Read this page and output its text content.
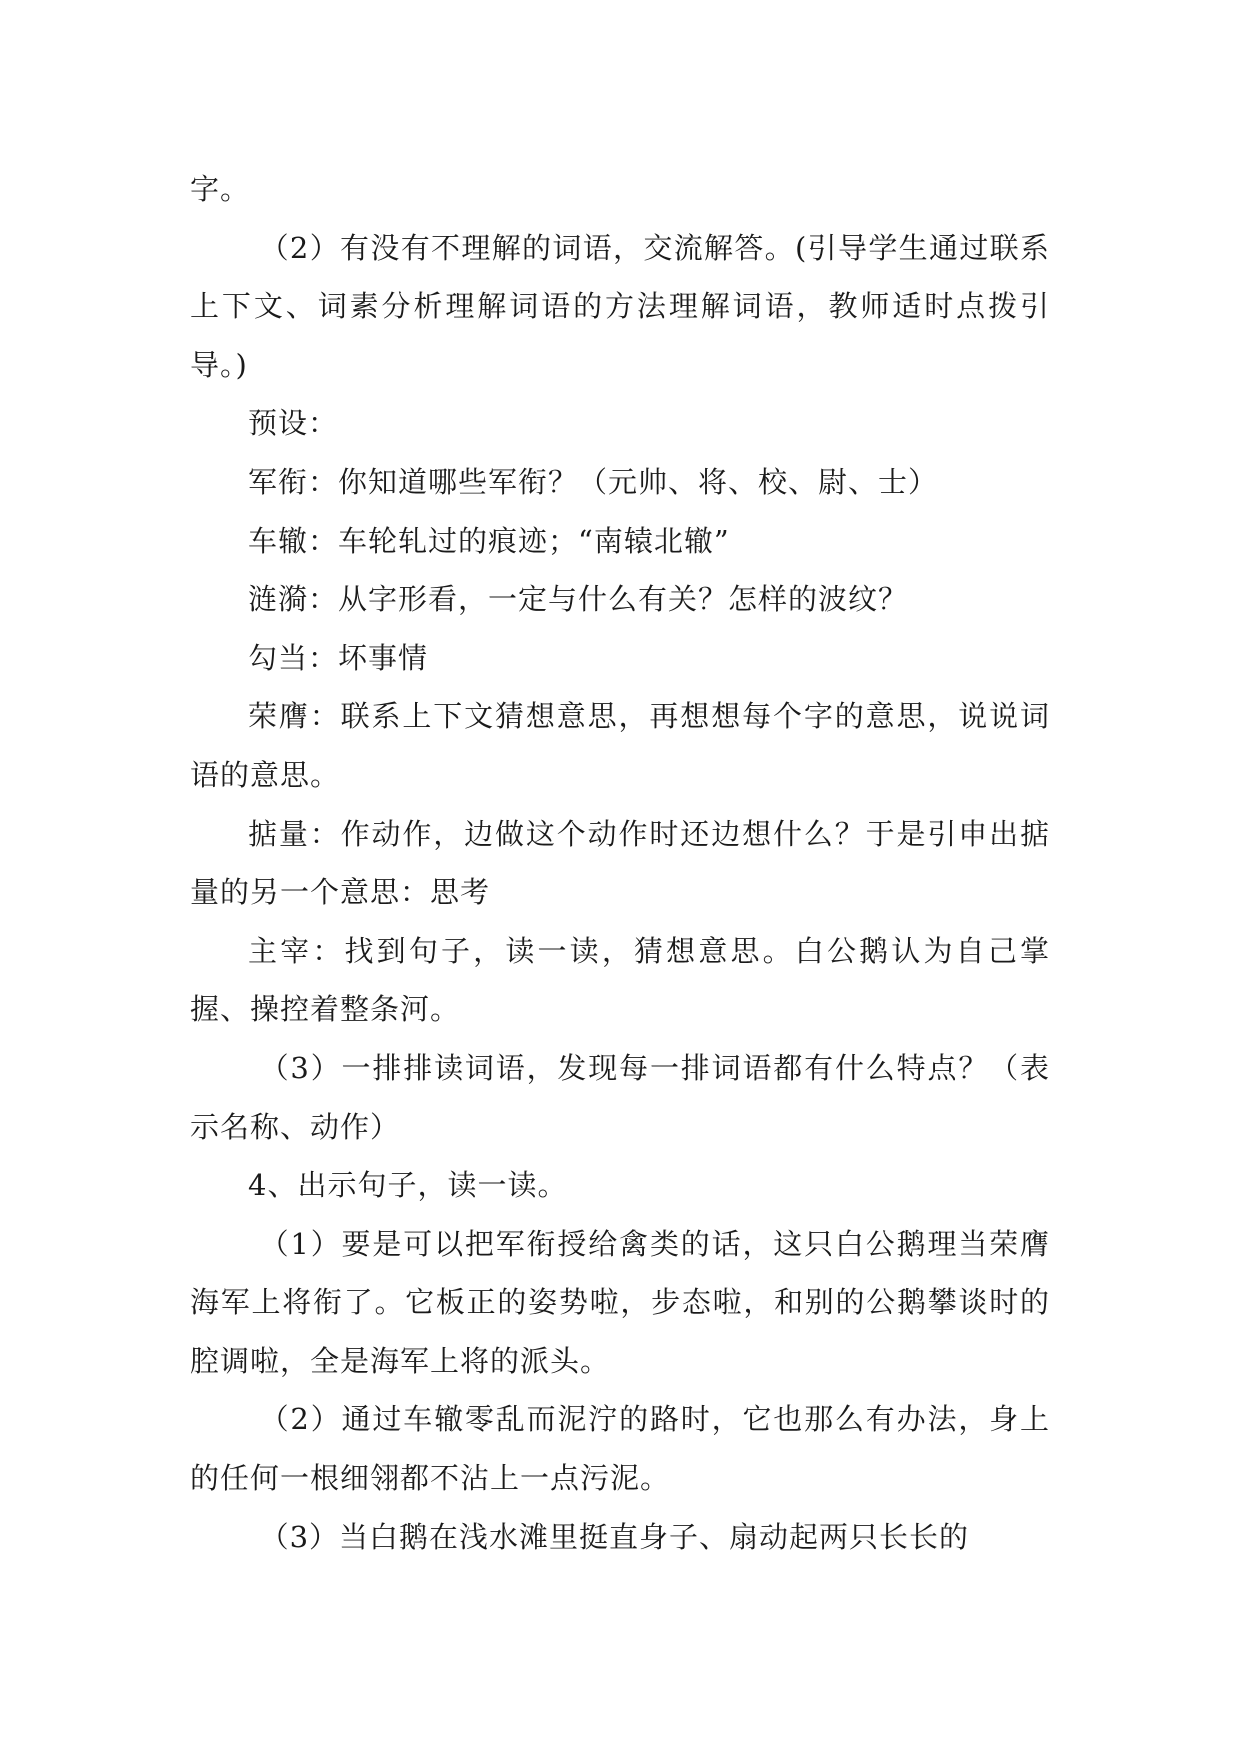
字。

（2）有没有不理解的词语，交流解答。(引导学生通过联系上下文、词素分析理解词语的方法理解词语，教师适时点拨引导。)

预设：

军衔：你知道哪些军衔？（元帅、将、校、尉、士）

车辙：车轮轧过的痕迹；“南辕北辙”

涟漪：从字形看，一定与什么有关？怎样的波纹？

勾当：坏事情

荣膺：联系上下文猜想意思，再想想每个字的意思，说说词语的意思。

掂量：作动作，边做这个动作时还边想什么？于是引申出掂量的另一个意思：思考

主宰：找到句子，读一读，猜想意思。白公鹅认为自己掌握、操控着整条河。

（3）一排排读词语，发现每一排词语都有什么特点？（表示名称、动作）

4、出示句子，读一读。

（1）要是可以把军衔授给禽类的话，这只白公鹅理当荣膺海军上将衔了。它板正的姿势啦，步态啦，和别的公鹅攀谈时的腔调啦，全是海军上将的派头。

（2）通过车辙零乱而泥泞的路时，它也那么有办法，身上的任何一根细翎都不沾上一点污泥。

（3）当白鹅在浅水滩里挺直身子、扇动起两只长长的
